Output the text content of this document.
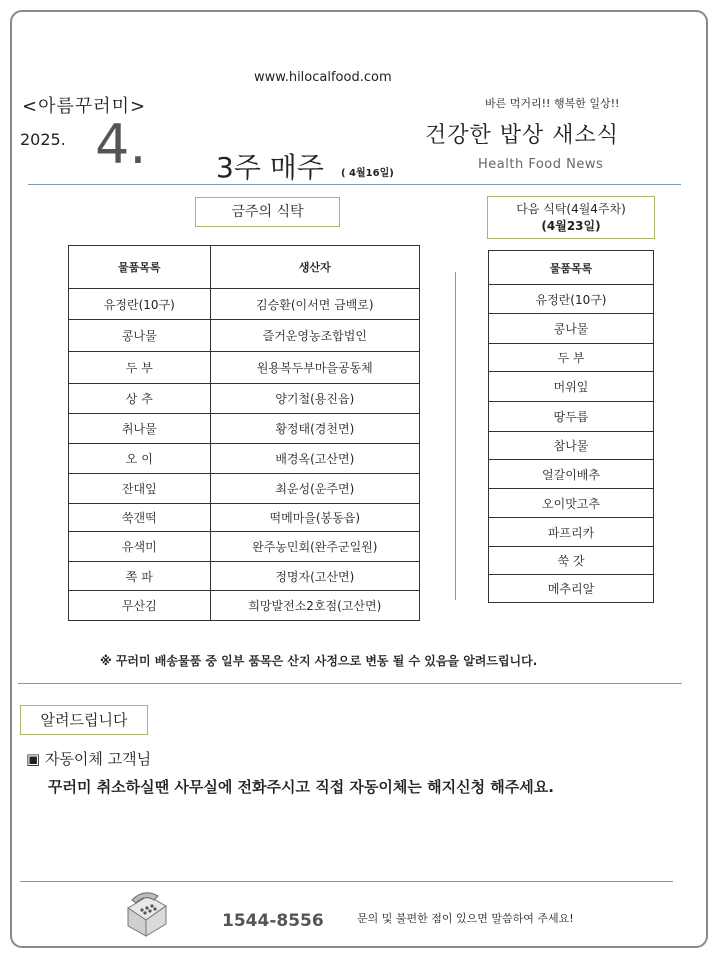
www.hilocalfood.com
<아름꾸러미>	바른 먹거리!! 행복한 일상!!
2025. 4.	건강한 밥상 새소식
3주 매주 ( 4월16일)
Health Food News
금주의 식탁	다음 식탁(4월4주차)
(4월23일)
물품목록	생산자
유정란(10구)	김승환(이서면 금백로)
콩나물	즐거운영농조합법인
두 부	원용복두부마을공동체
상 추	양기철(용진읍)
취나물	황정태(경천면)
오 이	배경옥(고산면)
잔대잎	최운성(운주면)
쑥갠떡	떡메마을(봉동읍)
유색미	완주농민회(완주군일원)
쪽 파	정명자(고산면)
무산김	희망발전소2호점(고산면)
물품목록
유정란(10구)
콩나물
두 부
머위잎
땅두릅
참나물
얼갈이배추
오이맛고추
파프리카
쑥 갓
메추리알
※ 꾸러미 배송물품 중 일부 품목은 산지 사정으로 변동 될 수 있음을 알려드립니다.
알려드립니다
▣ 자동이체 고객님
꾸러미 취소하실땐 사무실에 전화주시고 직접 자동이체는 해지신청 해주세요.
1544-8556	문의 및 불편한 점이 있으면 말씀하여 주세요!
